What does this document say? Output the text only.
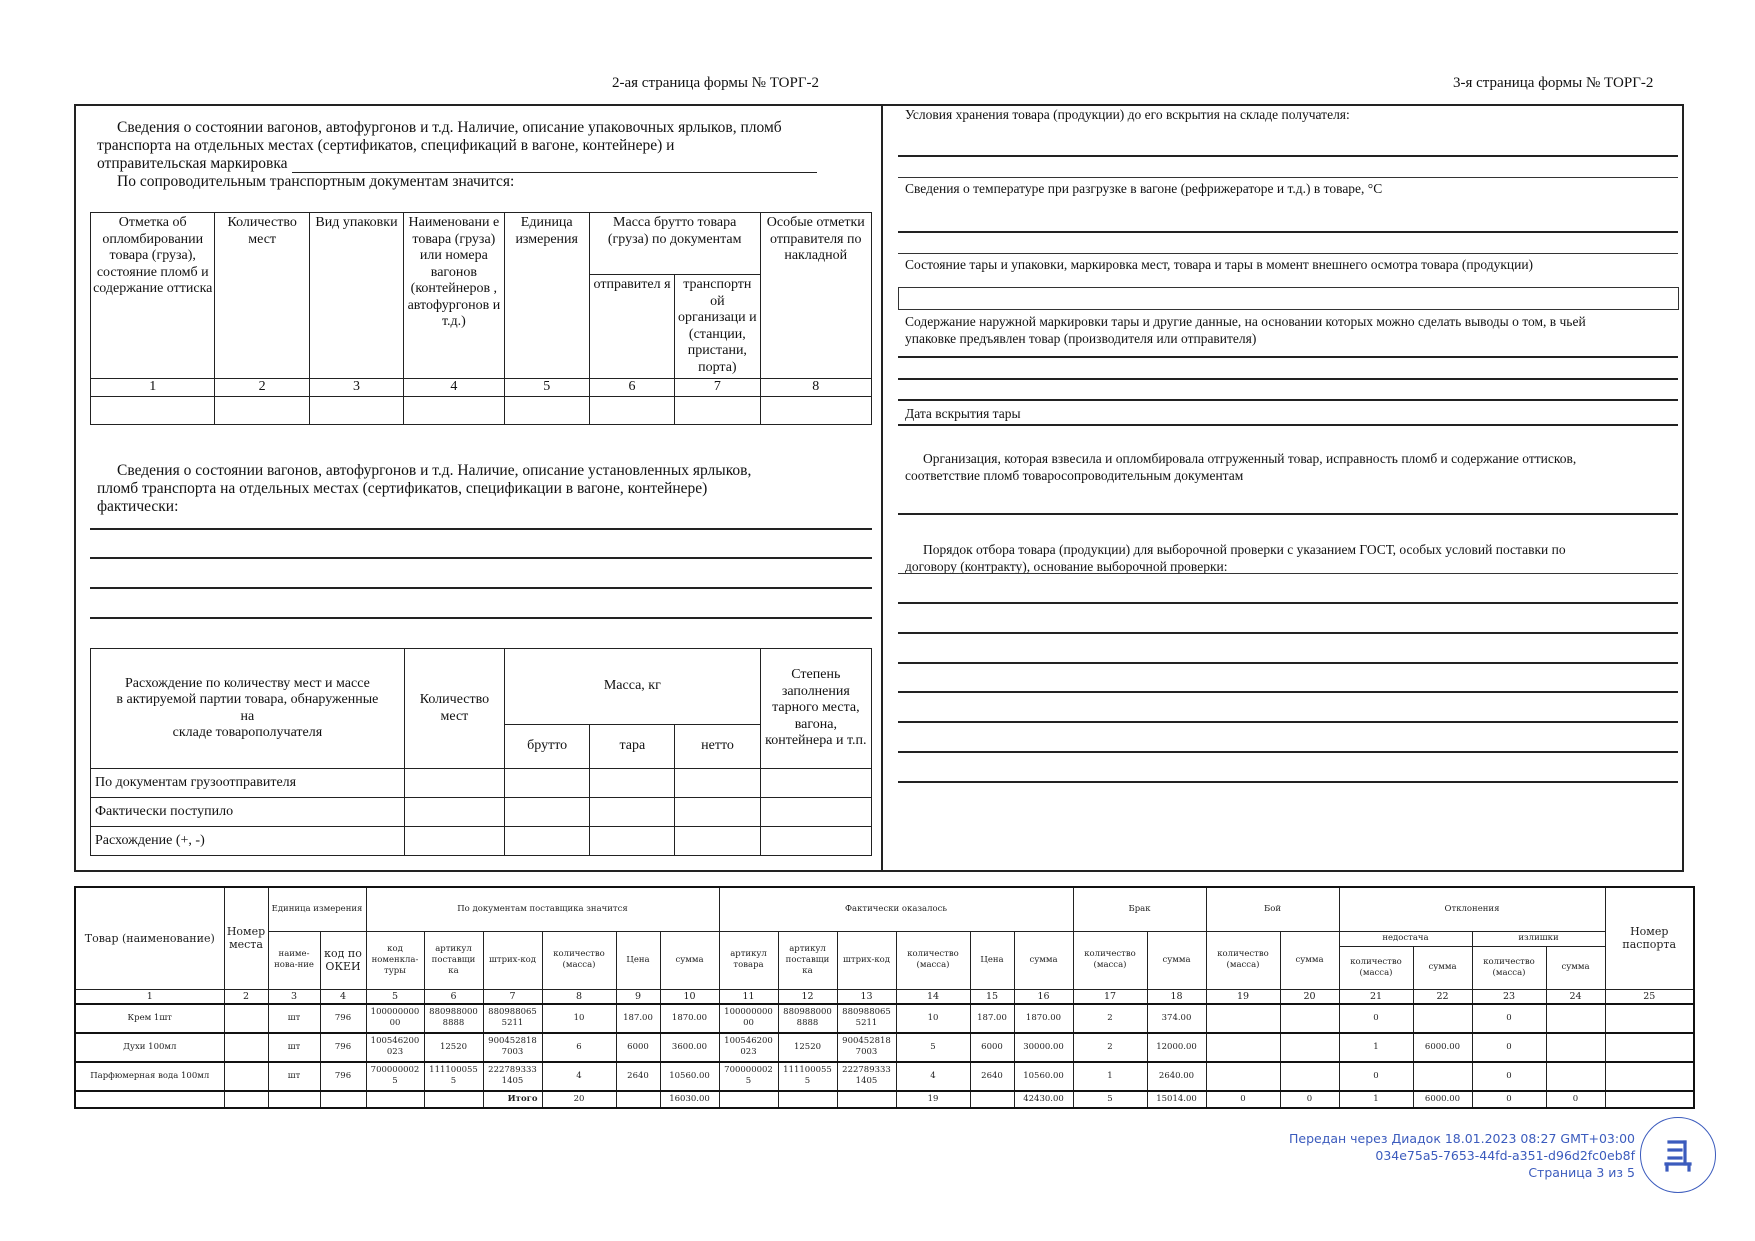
2-ая страница формы № ТОРГ-2	3-я страница формы № ТОРГ-2
Сведения о состоянии вагонов, автофургонов и т.д. Наличие, описание упаковочных ярлыков, пломб
транспорта на отдельных местах (сертификатов, спецификаций в вагоне, контейнере) и
отправительская маркировка
По сопроводительным транспортным документам значится:
Отметка об опломбировании товара (груза), состояние пломб и содержание оттиска	Количество мест	Вид упаковки	Наименовани е товара (груза) или номера вагонов (контейнеров , автофургонов и т.д.)	Единица измерения	Масса брутто товара (груза) по документам		Особые отметки отправителя по накладной
					отправител я	транспортн ой организаци и (станции, пристани, порта)	
1	2	3	4	5	6	7	8

Сведения о состоянии вагонов, автофургонов и т.д. Наличие, описание установленных ярлыков,
пломб транспорта на отдельных местах (сертификатов, спецификации в вагоне, контейнере)
фактически:
Расхождение по количеству мест и массе
в актируемой партии товара, обнаруженные
на
складе товарополучателя	Количество мест	Масса, кг			Степень заполнения тарного места, вагона, контейнера и т.п.
		брутто	тара	нетто	
По документам грузоотправителя					
Фактически поступило					
Расхождение (+, -)					
Условия хранения товара (продукции) до его вскрытия на складе получателя:
Сведения о температуре при разгрузке в вагоне (рефрижераторе и т.д.) в товаре, °С
Состояние тары и упаковки, маркировка мест, товара и тары в момент внешнего осмотра товара (продукции)
Содержание наружной маркировки тары и другие данные, на основании которых можно сделать выводы о том, в чьей
упаковке предъявлен товар (производителя или отправителя)
Дата вскрытия тары
Организация, которая взвесила и опломбировала отгруженный товар, исправность пломб и содержание оттисков,
соответствие пломб товаросопроводительным документам
Порядок отбора товара (продукции) для выборочной проверки с указанием ГОСТ, особых условий поставки по
договору (контракту), основание выборочной проверки:
Товар (наименование)	Номер места	Единица измерения		По документам поставщика значится						Фактически оказалось						Брак		Бой		Отклонения				Номер паспорта
		наиме-нова-ние	код по ОКЕИ	код номенкла-туры	артикул поставщи ка	штрих-код	количество (масса)	Цена	сумма	артикул товара	артикул поставщи ка	штрих-код	количество (масса)	Цена	сумма	количество (масса)	сумма	количество (масса)	сумма	недостача		излишки		
																				количество (масса)	сумма	количество (масса)	сумма	
1	2	3	4	5	6	7	8	9	10	11	12	13	14	15	16	17	18	19	20	21	22	23	24	25
Крем 1шт		шт	796	100000000 00	880988000 8888	880988065 5211	10	187.00	1870.00	100000000 00	880988000 8888	880988065 5211	10	187.00	1870.00	2	374.00			0		0		
Духи 100мл		шт	796	100546200 023	12520	900452818 7003	6	6000	3600.00	100546200 023	12520	900452818 7003	5	6000	30000.00	2	12000.00			1	6000.00	0		
Парфюмерная вода 100мл		шт	796	700000002 5	111100055 5	222789333 1405	4	2640	10560.00	700000002 5	111100055 5	222789333 1405	4	2640	10560.00	1	2640.00			0		0		
						Итого	20		16030.00				19		42430.00	5	15014.00	0	0	1	6000.00	0	0	
Передан через Диадок 18.01.2023 08:27 GMT+03:00
034e75a5-7653-44fd-a351-d96d2fc0eb8f
Страница 3 из 5
